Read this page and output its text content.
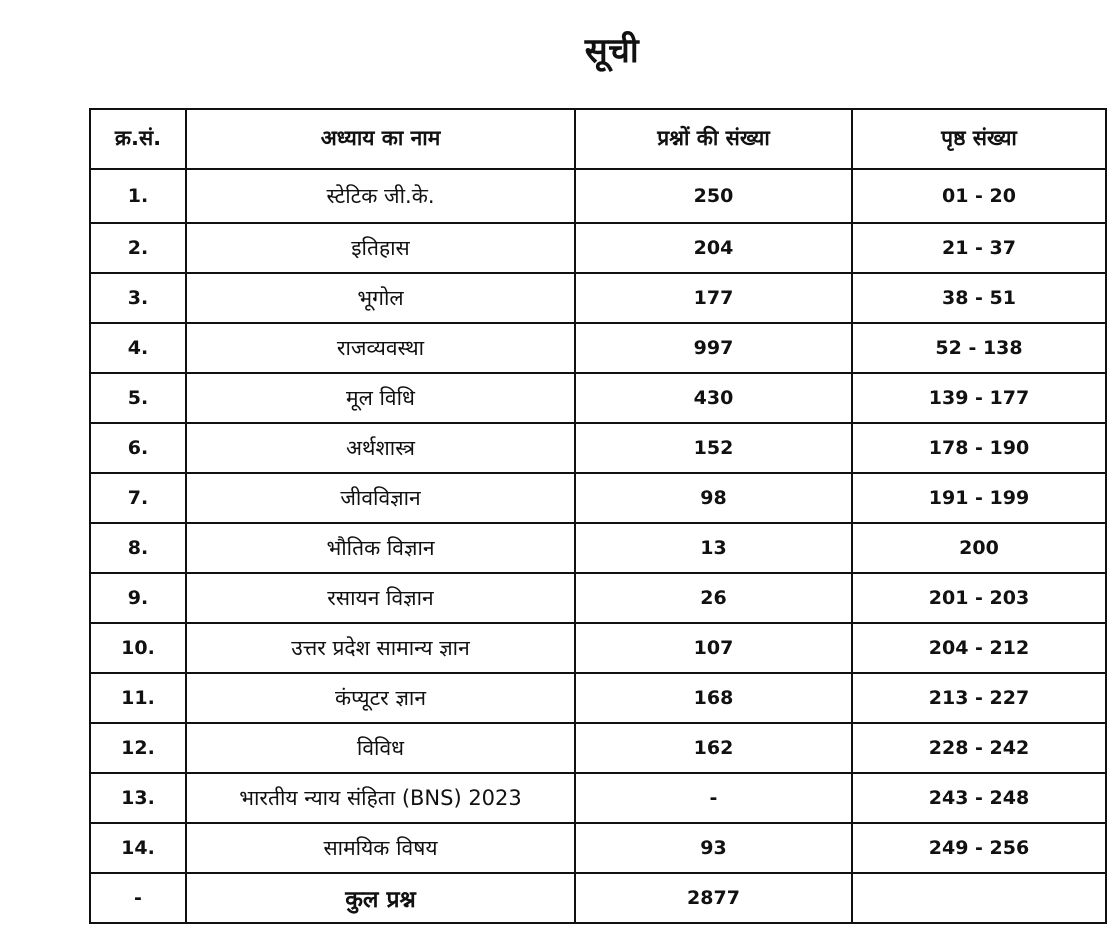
सूची
क्र.सं.	अध्याय का नाम	प्रश्नों की संख्या	पृष्ठ संख्या
1.	स्टेटिक जी.के.	250	01 - 20
2.	इतिहास	204	21 - 37
3.	भूगोल	177	38 - 51
4.	राजव्यवस्था	997	52 - 138
5.	मूल विधि	430	139 - 177
6.	अर्थशास्त्र	152	178 - 190
7.	जीवविज्ञान	98	191 - 199
8.	भौतिक विज्ञान	13	200
9.	रसायन विज्ञान	26	201 - 203
10.	उत्तर प्रदेश सामान्य ज्ञान	107	204 - 212
11.	कंप्यूटर ज्ञान	168	213 - 227
12.	विविध	162	228 - 242
13.	भारतीय न्याय संहिता (BNS) 2023	-	243 - 248
14.	सामयिक विषय	93	249 - 256
-	कुल प्रश्न	2877	
